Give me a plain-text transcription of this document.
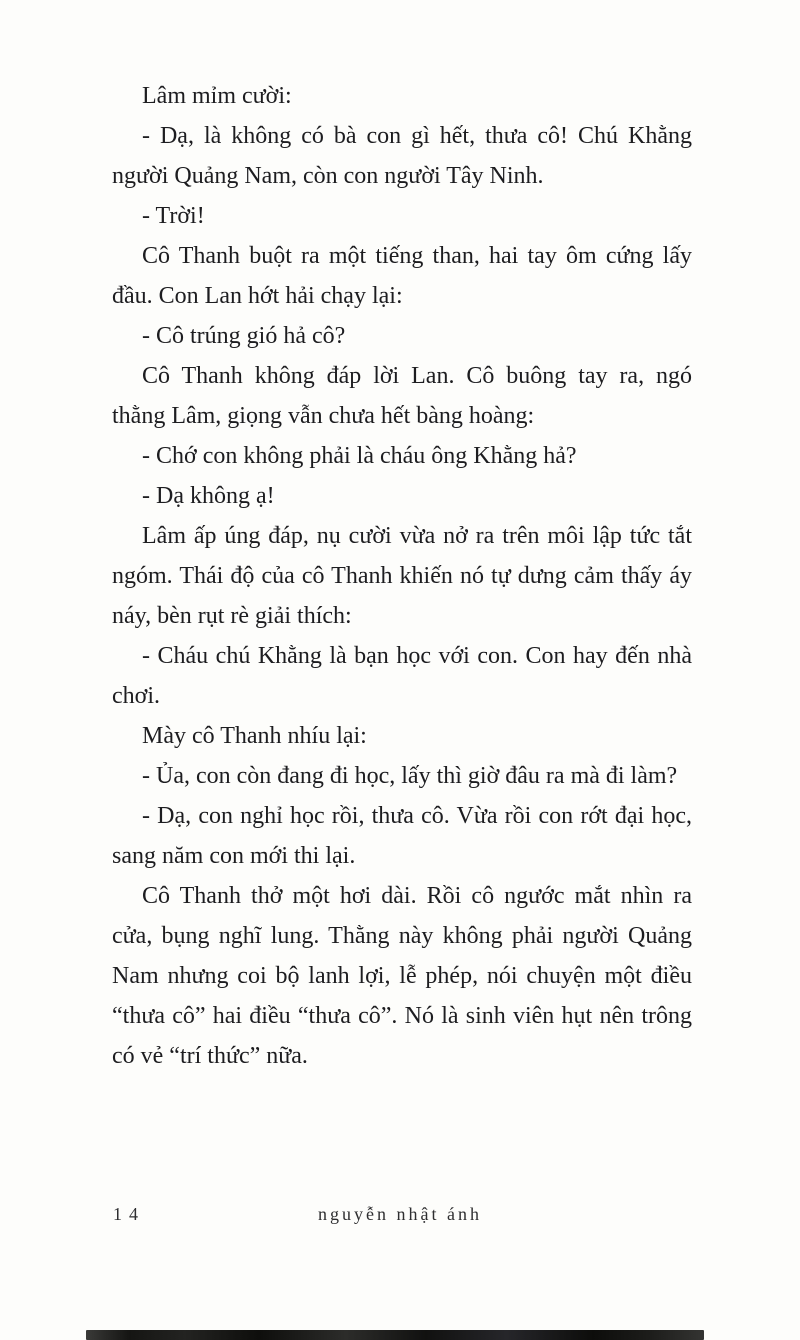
Lâm mỉm cười:

- Dạ, là không có bà con gì hết, thưa cô! Chú Khằng người Quảng Nam, còn con người Tây Ninh.

- Trời!

Cô Thanh buột ra một tiếng than, hai tay ôm cứng lấy đầu. Con Lan hớt hải chạy lại:

- Cô trúng gió hả cô?

Cô Thanh không đáp lời Lan. Cô buông tay ra, ngó thằng Lâm, giọng vẫn chưa hết bàng hoàng:

- Chớ con không phải là cháu ông Khằng hả?

- Dạ không ạ!

Lâm ấp úng đáp, nụ cười vừa nở ra trên môi lập tức tắt ngóm. Thái độ của cô Thanh khiến nó tự dưng cảm thấy áy náy, bèn rụt rè giải thích:

- Cháu chú Khằng là bạn học với con. Con hay đến nhà chơi.

Mày cô Thanh nhíu lại:

- Ủa, con còn đang đi học, lấy thì giờ đâu ra mà đi làm?

- Dạ, con nghỉ học rồi, thưa cô. Vừa rồi con rớt đại học, sang năm con mới thi lại.

Cô Thanh thở một hơi dài. Rồi cô ngước mắt nhìn ra cửa, bụng nghĩ lung. Thằng này không phải người Quảng Nam nhưng coi bộ lanh lợi, lễ phép, nói chuyện một điều “thưa cô” hai điều “thưa cô”. Nó là sinh viên hụt nên trông có vẻ “trí thức” nữa.

14	nguyễn nhật ánh
